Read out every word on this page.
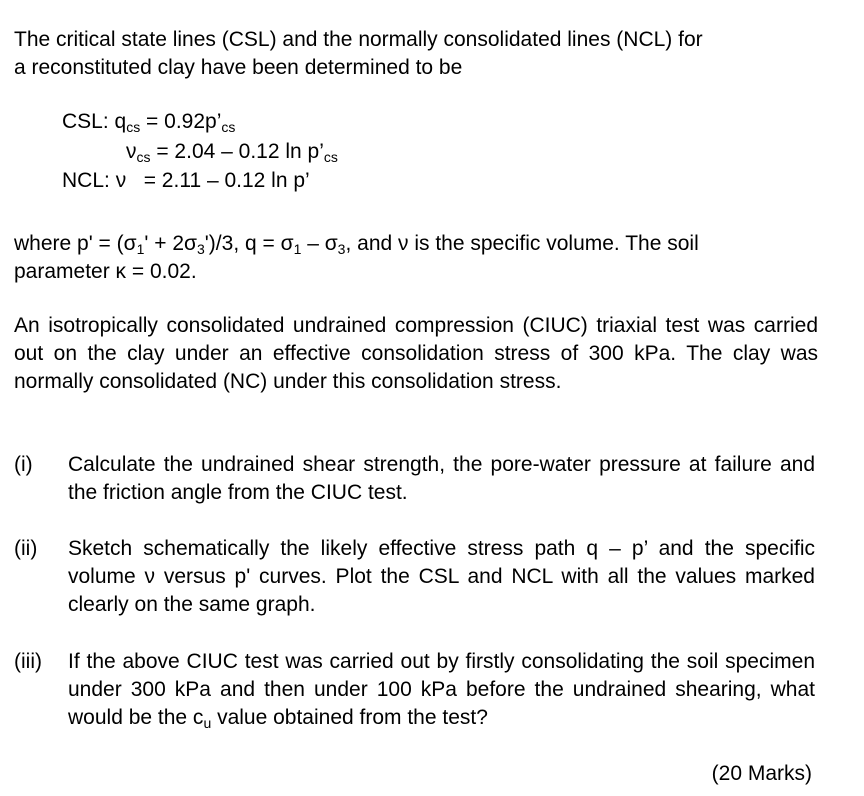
The critical state lines (CSL) and the normally consolidated lines (NCL) for
a reconstituted clay have been determined to be
CSL: $q_{cs}$ = $0.92p’_{cs}$
$\nu_{cs} = 2.04 - 0.12$ $\ln p’_{cs}$
NCL: ν   = 2.11 – 0.12 ln p’
where $p' = (\sigma_1' + 2\sigma_3')/3$, $q = \sigma_1 - \sigma_3$, and ν is the specific volume. The soil
parameter κ = 0.02.
An isotropically consolidated undrained compression (CIUC) triaxial test was carried out on the clay under an effective consolidation stress of 300 kPa. The clay was normally consolidated (NC) under this consolidation stress.
(i) Calculate the undrained shear strength, the pore-water pressure at failure and the friction angle from the CIUC test.
(ii) Sketch schematically the likely effective stress path q – p’ and the specific volume ν versus p' curves. Plot the CSL and NCL with all the values marked clearly on the same graph.
(iii) If the above CIUC test was carried out by firstly consolidating the soil specimen under 300 kPa and then under 100 kPa before the undrained shearing, what would be the $c_u$ value obtained from the test?
(20 Marks)
